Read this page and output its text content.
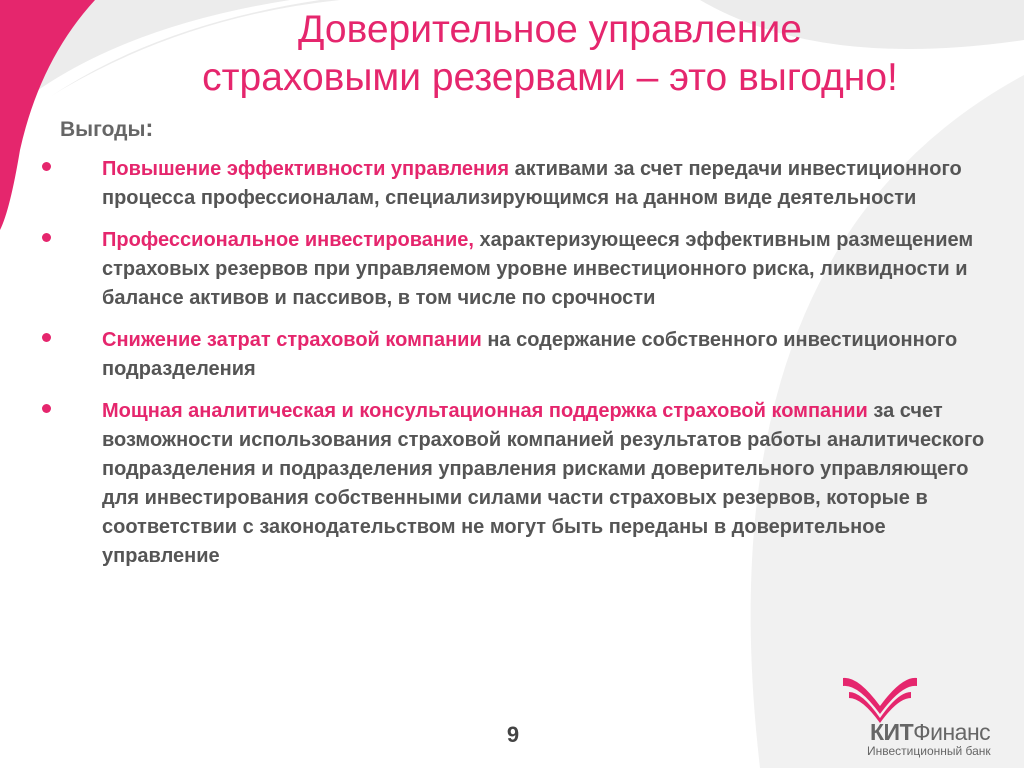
Доверительное управление
страховыми резервами – это выгодно!

Выгоды:

Повышение эффективности управления активами за счет передачи инвестиционного процесса профессионалам, специализирующимся на данном виде деятельности
Профессиональное инвестирование, характеризующееся эффективным размещением страховых резервов при управляемом уровне инвестиционного риска, ликвидности и балансе активов и пассивов, в том числе по срочности
Снижение затрат страховой компании на содержание собственного инвестиционного подразделения
Мощная аналитическая и консультационная поддержка страховой компании за счет возможности использования страховой компанией результатов работы аналитического подразделения и подразделения управления рисками доверительного управляющего для инвестирования собственными силами части страховых резервов, которые в соответствии с законодательством не могут быть переданы в доверительное управление
9	КИТФинанс
Инвестиционный банк
